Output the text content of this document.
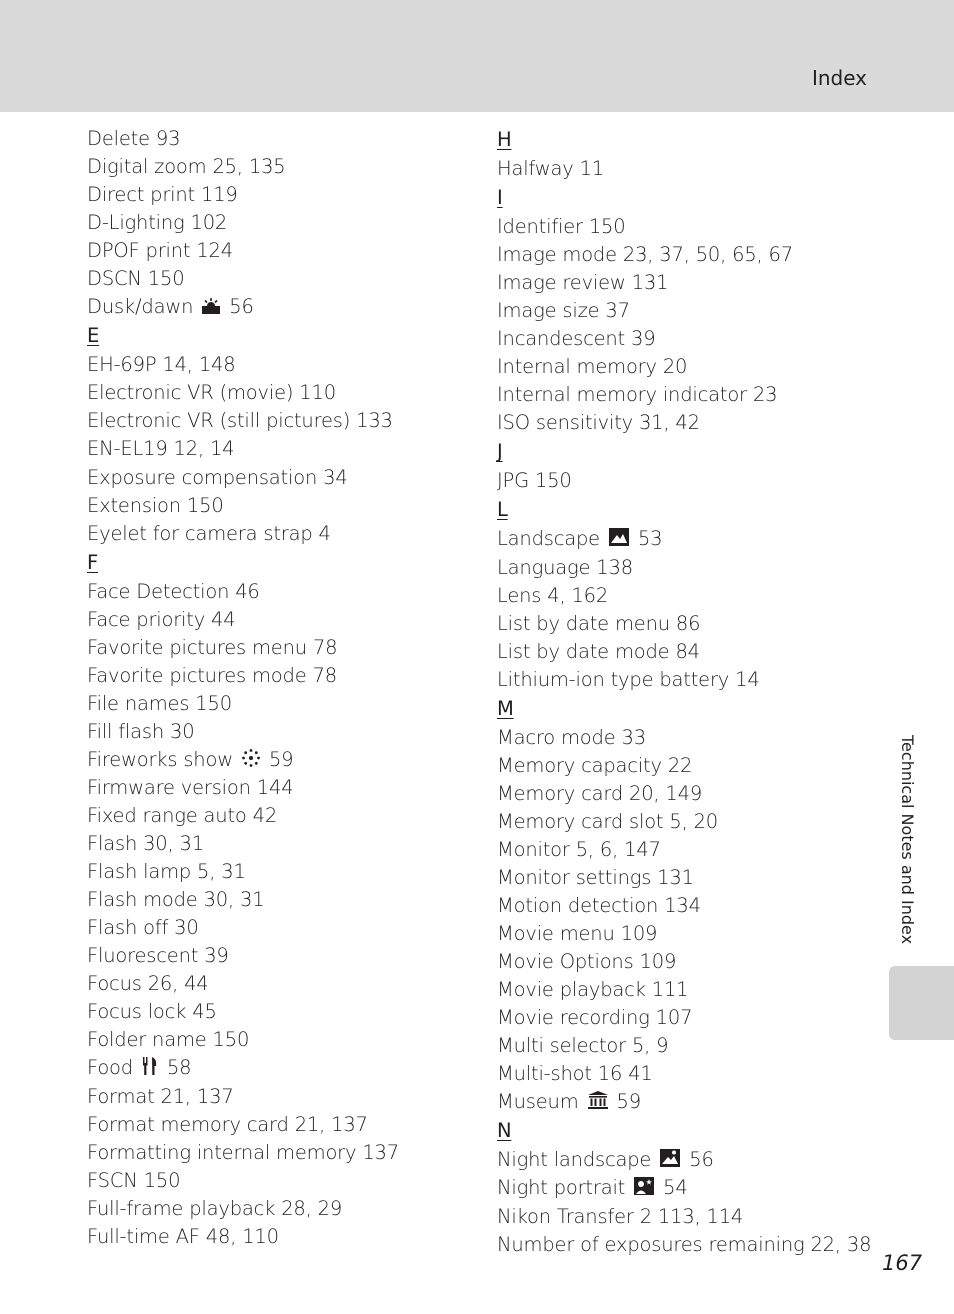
Index
Delete 93
Digital zoom 25, 135
Direct print 119
D-Lighting 102
DPOF print 124
DSCN 150
Dusk/dawn 56
E
EH-69P 14, 148
Electronic VR (movie) 110
Electronic VR (still pictures) 133
EN-EL19 12, 14
Exposure compensation 34
Extension 150
Eyelet for camera strap 4
F
Face Detection 46
Face priority 44
Favorite pictures menu 78
Favorite pictures mode 78
File names 150
Fill flash 30
Fireworks show 59
Firmware version 144
Fixed range auto 42
Flash 30, 31
Flash lamp 5, 31
Flash mode 30, 31
Flash off 30
Fluorescent 39
Focus 26, 44
Focus lock 45
Folder name 150
Food 58
Format 21, 137
Format memory card 21, 137
Formatting internal memory 137
FSCN 150
Full-frame playback 28, 29
Full-time AF 48, 110
H
Halfway 11
I
Identifier 150
Image mode 23, 37, 50, 65, 67
Image review 131
Image size 37
Incandescent 39
Internal memory 20
Internal memory indicator 23
ISO sensitivity 31, 42
J
JPG 150
L
Landscape 53
Language 138
Lens 4, 162
List by date menu 86
List by date mode 84
Lithium-ion type battery 14
M
Macro mode 33
Memory capacity 22
Memory card 20, 149
Memory card slot 5, 20
Monitor 5, 6, 147
Monitor settings 131
Motion detection 134
Movie menu 109
Movie Options 109
Movie playback 111
Movie recording 107
Multi selector 5, 9
Multi-shot 16 41
Museum 59
N
Night landscape 56
Night portrait 54
Nikon Transfer 2 113, 114
Number of exposures remaining 22, 38
Technical Notes and Index
167
